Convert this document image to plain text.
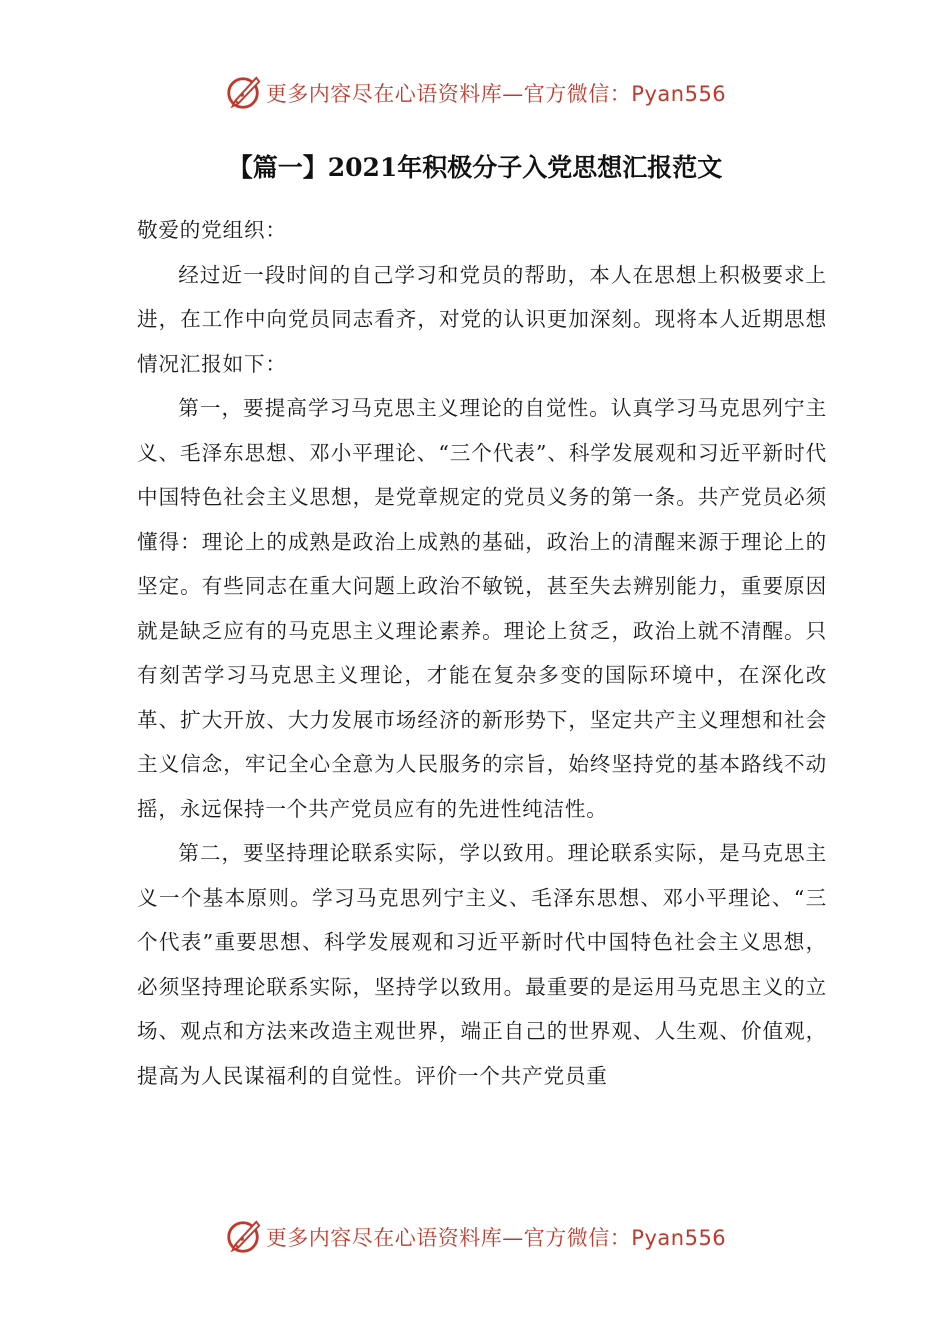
更多内容尽在心语资料库—官方微信：Pyan556
【篇一】2021年积极分子入党思想汇报范文

敬爱的党组织：

经过近一段时间的自己学习和党员的帮助，本人在思想上积极要求上进，在工作中向党员同志看齐，对党的认识更加深刻。现将本人近期思想情况汇报如下：

第一，要提高学习马克思主义理论的自觉性。认真学习马克思列宁主义、毛泽东思想、邓小平理论、“三个代表”、科学发展观和习近平新时代中国特色社会主义思想，是党章规定的党员义务的第一条。共产党员必须懂得：理论上的成熟是政治上成熟的基础，政治上的清醒来源于理论上的坚定。有些同志在重大问题上政治不敏锐，甚至失去辨别能力，重要原因就是缺乏应有的马克思主义理论素养。理论上贫乏，政治上就不清醒。只有刻苦学习马克思主义理论，才能在复杂多变的国际环境中，在深化改革、扩大开放、大力发展市场经济的新形势下，坚定共产主义理想和社会主义信念，牢记全心全意为人民服务的宗旨，始终坚持党的基本路线不动摇，永远保持一个共产党员应有的先进性纯洁性。

第二，要坚持理论联系实际，学以致用。理论联系实际，是马克思主义一个基本原则。学习马克思列宁主义、毛泽东思想、邓小平理论、“三个代表”重要思想、科学发展观和习近平新时代中国特色社会主义思想，必须坚持理论联系实际，坚持学以致用。最重要的是运用马克思主义的立场、观点和方法来改造主观世界，端正自己的世界观、人生观、价值观，提高为人民谋福利的自觉性。评价一个共产党员重

更多内容尽在心语资料库—官方微信：Pyan556
